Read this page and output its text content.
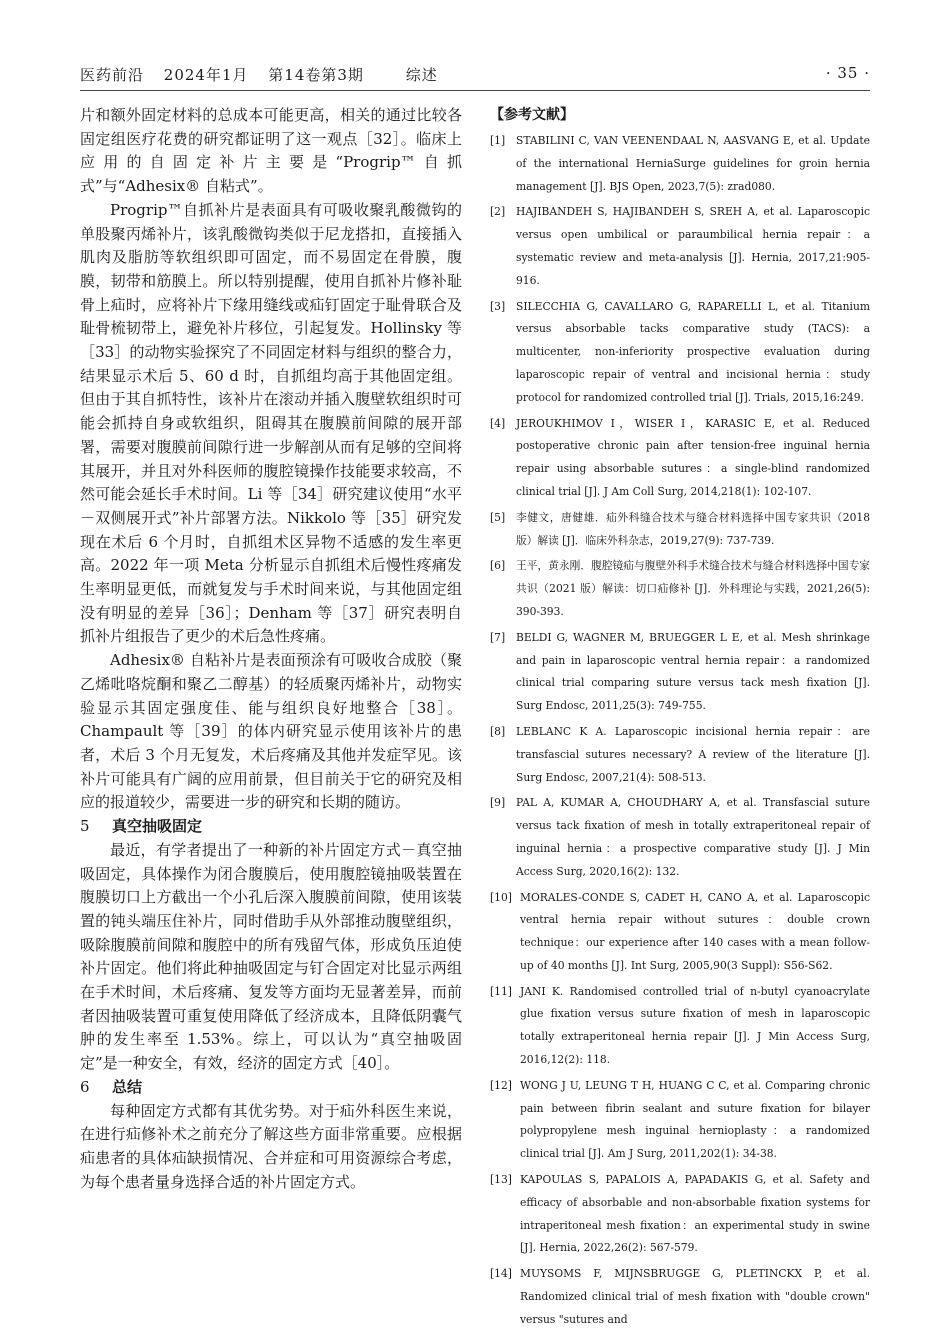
医药前沿 2024年1月 第14卷第3期	综述	· 35 ·

片和额外固定材料的总成本可能更高，相关的通过比较各固定组医疗花费的研究都证明了这一观点［32］。临床上应用的自固定补片主要是“Progrip™自抓式”与“Adhesix® 自粘式”。

Progrip™自抓补片是表面具有可吸收聚乳酸微钩的单股聚丙烯补片，该乳酸微钩类似于尼龙搭扣，直接插入肌肉及脂肪等软组织即可固定，而不易固定在骨膜，腹膜，韧带和筋膜上。所以特别提醒，使用自抓补片修补耻骨上疝时，应将补片下缘用缝线或疝钉固定于耻骨联合及耻骨梳韧带上，避免补片移位，引起复发。Hollinsky 等［33］的动物实验探究了不同固定材料与组织的整合力，结果显示术后 5、60 d 时，自抓组均高于其他固定组。但由于其自抓特性，该补片在滚动并插入腹壁软组织时可能会抓持自身或软组织，阻碍其在腹膜前间隙的展开部署，需要对腹膜前间隙行进一步解剖从而有足够的空间将其展开，并且对外科医师的腹腔镜操作技能要求较高，不然可能会延长手术时间。Li 等［34］研究建议使用“水平－双侧展开式”补片部署方法。Nikkolo 等［35］研究发现在术后 6 个月时，自抓组术区异物不适感的发生率更高。2022 年一项 Meta 分析显示自抓组术后慢性疼痛发生率明显更低，而就复发与手术时间来说，与其他固定组没有明显的差异［36］；Denham 等［37］研究表明自抓补片组报告了更少的术后急性疼痛。

Adhesix® 自粘补片是表面预涂有可吸收合成胶（聚乙烯吡咯烷酮和聚乙二醇基）的轻质聚丙烯补片，动物实验显示其固定强度佳、能与组织良好地整合［38］。Champault 等［39］的体内研究显示使用该补片的患者，术后 3 个月无复发，术后疼痛及其他并发症罕见。该补片可能具有广阔的应用前景，但目前关于它的研究及相应的报道较少，需要进一步的研究和长期的随访。

5 真空抽吸固定

最近，有学者提出了一种新的补片固定方式－真空抽吸固定，具体操作为闭合腹膜后，使用腹腔镜抽吸装置在腹膜切口上方截出一个小孔后深入腹膜前间隙，使用该装置的钝头端压住补片，同时借助手从外部推动腹壁组织，吸除腹膜前间隙和腹腔中的所有残留气体，形成负压迫使补片固定。他们将此种抽吸固定与钉合固定对比显示两组在手术时间，术后疼痛、复发等方面均无显著差异，而前者因抽吸装置可重复使用降低了经济成本，且降低阴囊气肿的发生率至 1.53%。综上，可以认为“真空抽吸固定”是一种安全，有效，经济的固定方式［40］。

6 总结

每种固定方式都有其优劣势。对于疝外科医生来说，在进行疝修补术之前充分了解这些方面非常重要。应根据疝患者的具体疝缺损情况、合并症和可用资源综合考虑，为每个患者量身选择合适的补片固定方式。

【参考文献】
[1]	STABILINI C, VAN VEENENDAAL N, AASVANG E, et al. Update of the international HerniaSurge guidelines for groin hernia management [J]. BJS Open, 2023,7(5): zrad080.
[2]	HAJIBANDEH S, HAJIBANDEH S, SREH A, et al. Laparoscopic versus open umbilical or paraumbilical hernia repair：a systematic review and meta-analysis [J]. Hernia, 2017,21:905-916.
[3]	SILECCHIA G, CAVALLARO G, RAPARELLI L, et al. Titanium versus absorbable tacks comparative study (TACS): a multicenter, non-inferiority prospective evaluation during laparoscopic repair of ventral and incisional hernia：study protocol for randomized controlled trial [J]. Trials, 2015,16:249.
[4]	JEROUKHIMOV I，WISER I，KARASIC E, et al. Reduced postoperative chronic pain after tension-free inguinal hernia repair using absorbable sutures：a single-blind randomized clinical trial [J]. J Am Coll Surg, 2014,218(1): 102-107.
[5]	李健文，唐健雄．疝外科缝合技术与缝合材料选择中国专家共识（2018 版）解读 [J]．临床外科杂志，2019,27(9): 737-739.
[6]	王平，黄永刚．腹腔镜疝与腹壁外科手术缝合技术与缝合材料选择中国专家共识（2021 版）解读：切口疝修补 [J]．外科理论与实践，2021,26(5): 390-393.
[7]	BELDI G, WAGNER M, BRUEGGER L E, et al. Mesh shrinkage and pain in laparoscopic ventral hernia repair：a randomized clinical trial comparing suture versus tack mesh fixation [J]. Surg Endosc, 2011,25(3): 749-755.
[8]	LEBLANC K A. Laparoscopic incisional hernia repair：are transfascial sutures necessary? A review of the literature [J]. Surg Endosc, 2007,21(4): 508-513.
[9]	PAL A, KUMAR A, CHOUDHARY A, et al. Transfascial suture versus tack fixation of mesh in totally extraperitoneal repair of inguinal hernia：a prospective comparative study [J]. J Min Access Surg, 2020,16(2): 132.
[10] MORALES-CONDE S, CADET H, CANO A, et al. Laparoscopic ventral hernia repair without sutures：double crown technique：our experience after 140 cases with a mean follow-up of 40 months [J]. Int Surg, 2005,90(3 Suppl): S56-S62.
[11] JANI K. Randomised controlled trial of n-butyl cyanoacrylate glue fixation versus suture fixation of mesh in laparoscopic totally extraperitoneal hernia repair [J]. J Min Access Surg, 2016,12(2): 118.
[12] WONG J U, LEUNG T H, HUANG C C, et al. Comparing chronic pain between fibrin sealant and suture fixation for bilayer polypropylene mesh inguinal hernioplasty：a randomized clinical trial [J]. Am J Surg, 2011,202(1): 34-38.
[13] KAPOULAS S, PAPALOIS A, PAPADAKIS G, et al. Safety and efficacy of absorbable and non-absorbable fixation systems for intraperitoneal mesh fixation：an experimental study in swine [J]. Hernia, 2022,26(2): 567-579.
[14] MUYSOMS F, MIJNSBRUGGE G, PLETINCKX P, et al. Randomized clinical trial of mesh fixation with "double crown" versus "sutures and
